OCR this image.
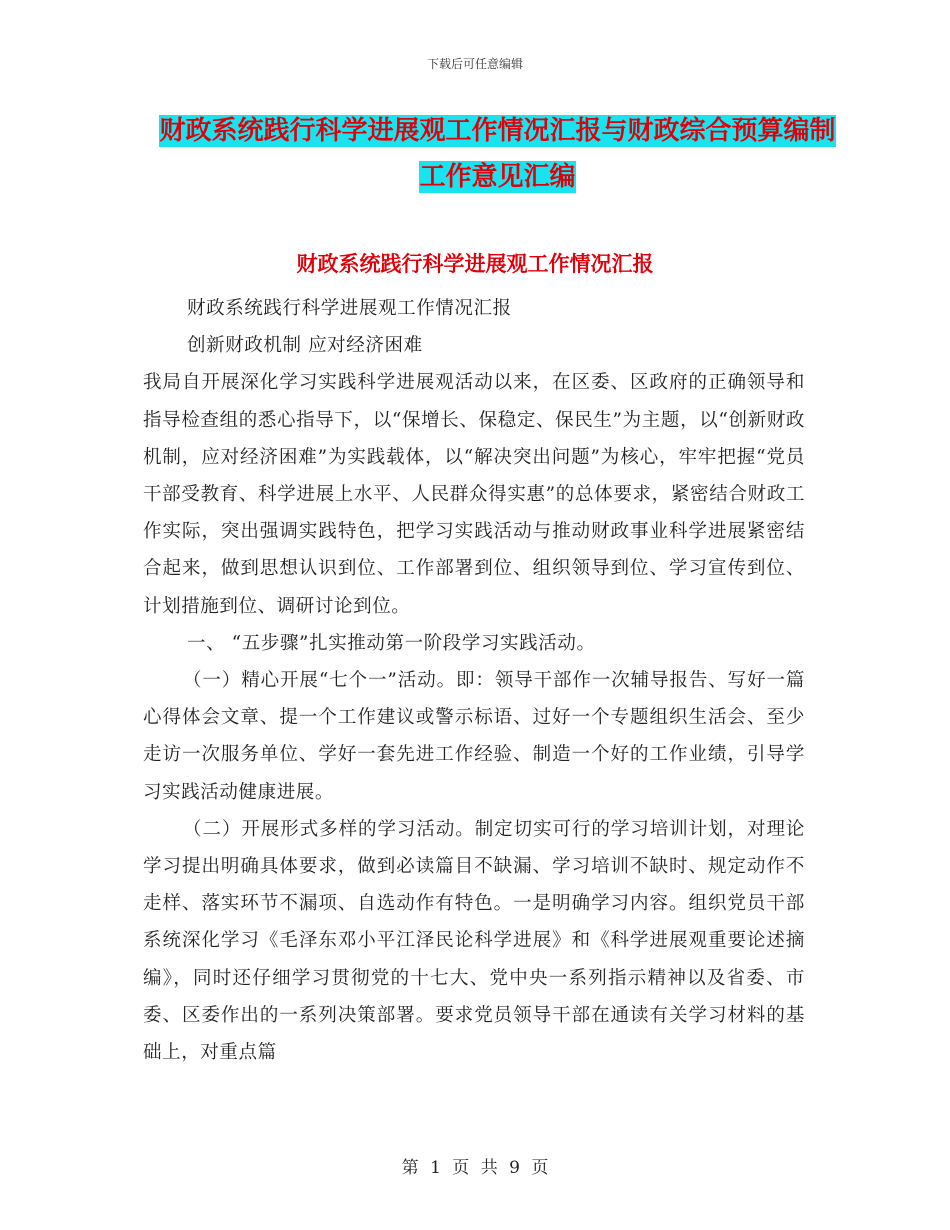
下载后可任意编辑
财政系统践行科学进展观工作情况汇报与财政综合预算编制工作意见汇编
财政系统践行科学进展观工作情况汇报

财政系统践行科学进展观工作情况汇报

创新财政机制 应对经济困难

我局自开展深化学习实践科学进展观活动以来，在区委、区政府的正确领导和指导检查组的悉心指导下，以“保增长、保稳定、保民生”为主题，以“创新财政机制，应对经济困难”为实践载体，以“解决突出问题”为核心，牢牢把握“党员干部受教育、科学进展上水平、人民群众得实惠”的总体要求，紧密结合财政工作实际，突出强调实践特色，把学习实践活动与推动财政事业科学进展紧密结合起来，做到思想认识到位、工作部署到位、组织领导到位、学习宣传到位、计划措施到位、调研讨论到位。

一、 “五步骤”扎实推动第一阶段学习实践活动。

（一）精心开展“七个一”活动。即：领导干部作一次辅导报告、写好一篇心得体会文章、提一个工作建议或警示标语、过好一个专题组织生活会、至少走访一次服务单位、学好一套先进工作经验、制造一个好的工作业绩，引导学习实践活动健康进展。

（二）开展形式多样的学习活动。制定切实可行的学习培训计划，对理论学习提出明确具体要求，做到必读篇目不缺漏、学习培训不缺时、规定动作不走样、落实环节不漏项、自选动作有特色。一是明确学习内容。组织党员干部系统深化学习《毛泽东邓小平江泽民论科学进展》和《科学进展观重要论述摘编》，同时还仔细学习贯彻党的十七大、党中央一系列指示精神以及省委、市委、区委作出的一系列决策部署。要求党员领导干部在通读有关学习材料的基础上，对重点篇

第 1 页 共 9 页
